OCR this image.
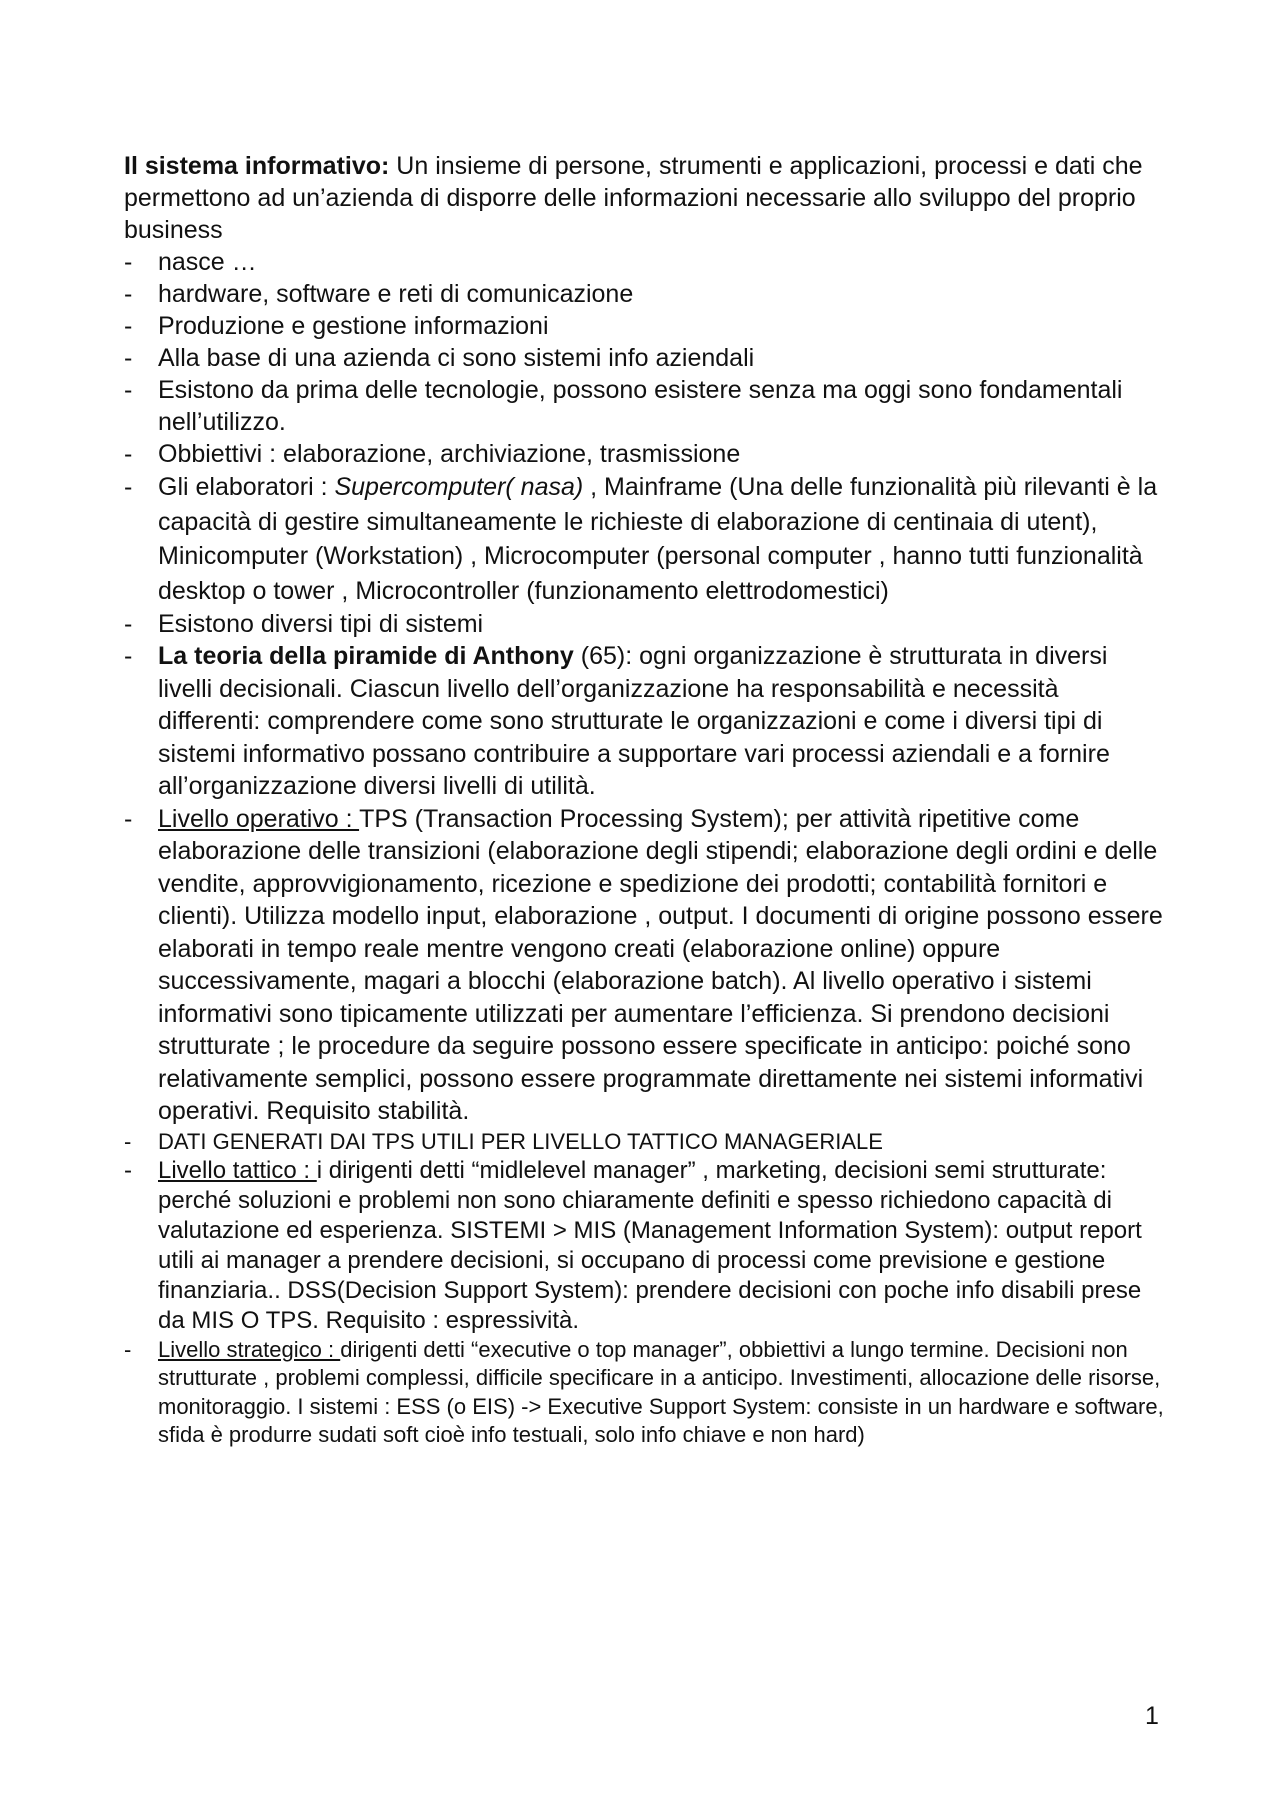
Il sistema informativo: Un insieme di persone, strumenti e applicazioni, processi e dati che permettono ad un’azienda di disporre delle informazioni necessarie allo sviluppo del proprio business

- nasce …
- hardware, software e reti di comunicazione
- Produzione e gestione informazioni
- Alla base di una azienda ci sono sistemi info aziendali
- Esistono da prima delle tecnologie, possono esistere senza ma oggi sono fondamentali nell’utilizzo.
- Obbiettivi : elaborazione, archiviazione, trasmissione
- Gli elaboratori : Supercomputer( nasa) , Mainframe (Una delle funzionalità più rilevanti è la capacità di gestire simultaneamente le richieste di elaborazione di centinaia di utent), Minicomputer (Workstation) , Microcomputer (personal computer , hanno tutti funzionalità desktop o tower , Microcontroller (funzionamento elettrodomestici)
- Esistono diversi tipi di sistemi
- La teoria della piramide di Anthony (65): ogni organizzazione è strutturata in diversi livelli decisionali. Ciascun livello dell’organizzazione ha responsabilità e necessità differenti: comprendere come sono strutturate le organizzazioni e come i diversi tipi di sistemi informativo possano contribuire a supportare vari processi aziendali e a fornire all’organizzazione diversi livelli di utilità.
- Livello operativo : TPS (Transaction Processing System); per attività ripetitive come elaborazione delle transizioni (elaborazione degli stipendi; elaborazione degli ordini e delle vendite, approvvigionamento, ricezione e spedizione dei prodotti; contabilità fornitori e clienti). Utilizza modello input, elaborazione , output. I documenti di origine possono essere elaborati in tempo reale mentre vengono creati (elaborazione online) oppure successivamente, magari a blocchi (elaborazione batch). Al livello operativo i sistemi informativi sono tipicamente utilizzati per aumentare l’efficienza. Si prendono decisioni strutturate ; le procedure da seguire possono essere specificate in anticipo: poiché sono relativamente semplici, possono essere programmate direttamente nei sistemi informativi operativi. Requisito stabilità.
- DATI GENERATI DAI TPS UTILI PER LIVELLO TATTICO MANAGERIALE
- Livello tattico : i dirigenti detti “midlelevel manager” , marketing, decisioni semi strutturate: perché soluzioni e problemi non sono chiaramente definiti e spesso richiedono capacità di valutazione ed esperienza. SISTEMI > MIS (Management Information System): output report utili ai manager a prendere decisioni, si occupano di processi come previsione e gestione finanziaria.. DSS(Decision Support System): prendere decisioni con poche info disabili prese da MIS O TPS. Requisito : espressività.
- Livello strategico : dirigenti detti “executive o top manager”, obbiettivi a lungo termine. Decisioni non strutturate , problemi complessi, difficile specificare in a anticipo. Investimenti, allocazione delle risorse, monitoraggio. I sistemi : ESS (o EIS) -> Executive Support System: consiste in un hardware e software, sfida è produrre sudati soft cioè info testuali, solo info chiave e non hard)
1
